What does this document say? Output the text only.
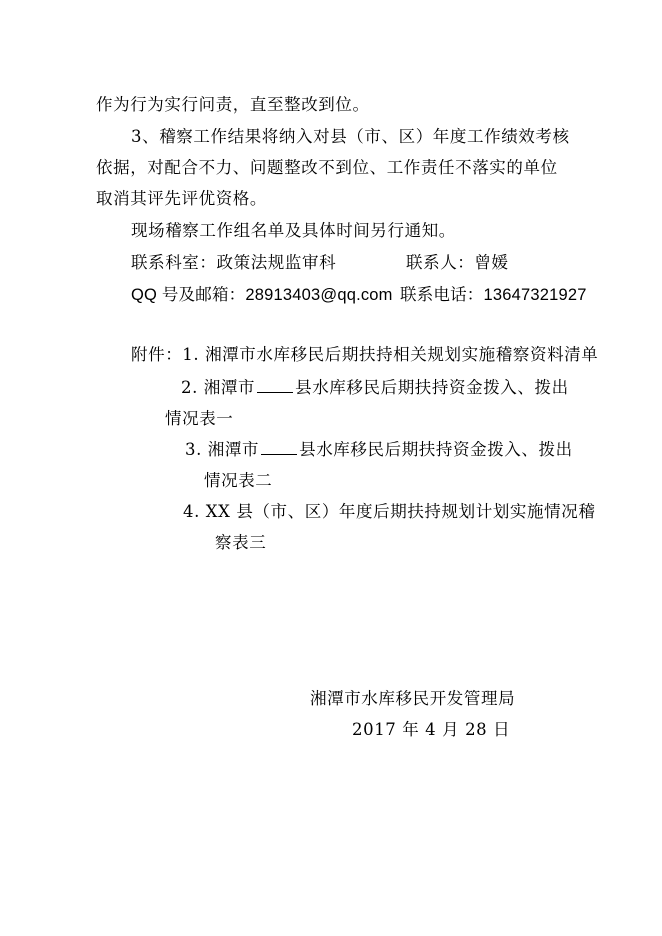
作为行为实行问责，直至整改到位。
3、稽察工作结果将纳入对县（市、区）年度工作绩效考核
依据，对配合不力、问题整改不到位、工作责任不落实的单位
取消其评先评优资格。
现场稽察工作组名单及具体时间另行通知。
联系科室：政策法规监审科	联系人：曾媛
QQ 号及邮箱：28913403@qq.com 联系电话：13647321927
附件：1. 湘潭市水库移民后期扶持相关规划实施稽察资料清单
2. 湘潭市 县水库移民后期扶持资金拨入、拨出
情况表一
3. 湘潭市 县水库移民后期扶持资金拨入、拨出
情况表二
4. XX 县（市、区）年度后期扶持规划计划实施情况稽
察表三
湘潭市水库移民开发管理局
2017 年 4 月 28 日
